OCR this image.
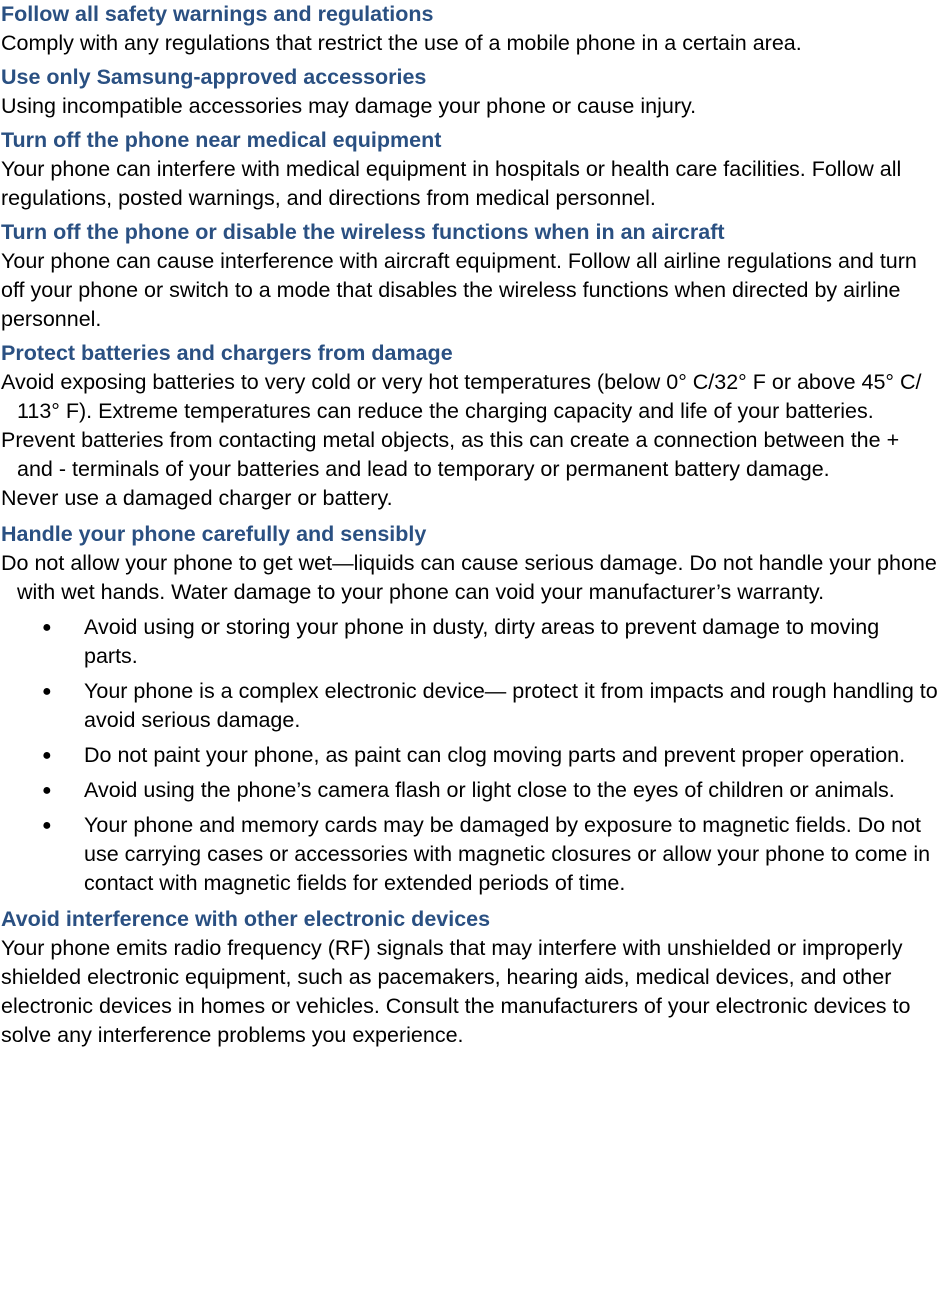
Follow all safety warnings and regulations

Comply with any regulations that restrict the use of a mobile phone in a certain area.

Use only Samsung-approved accessories

Using incompatible accessories may damage your phone or cause injury.

Turn off the phone near medical equipment

Your phone can interfere with medical equipment in hospitals or health care facilities. Follow all regulations, posted warnings, and directions from medical personnel.

Turn off the phone or disable the wireless functions when in an aircraft

Your phone can cause interference with aircraft equipment. Follow all airline regulations and turn off your phone or switch to a mode that disables the wireless functions when directed by airline personnel.

Protect batteries and chargers from damage

Avoid exposing batteries to very cold or very hot temperatures (below 0° C/32° F or above 45° C/ 113° F). Extreme temperatures can reduce the charging capacity and life of your batteries.

Prevent batteries from contacting metal objects, as this can create a connection between the + and - terminals of your batteries and lead to temporary or permanent battery damage.

Never use a damaged charger or battery.

Handle your phone carefully and sensibly

Do not allow your phone to get wet—liquids can cause serious damage. Do not handle your phone with wet hands. Water damage to your phone can void your manufacturer’s warranty.

● Avoid using or storing your phone in dusty, dirty areas to prevent damage to moving parts.
● Your phone is a complex electronic device— protect it from impacts and rough handling to avoid serious damage.
● Do not paint your phone, as paint can clog moving parts and prevent proper operation.
● Avoid using the phone’s camera flash or light close to the eyes of children or animals.
● Your phone and memory cards may be damaged by exposure to magnetic fields. Do not use carrying cases or accessories with magnetic closures or allow your phone to come in contact with magnetic fields for extended periods of time.
Avoid interference with other electronic devices

Your phone emits radio frequency (RF) signals that may interfere with unshielded or improperly shielded electronic equipment, such as pacemakers, hearing aids, medical devices, and other electronic devices in homes or vehicles. Consult the manufacturers of your electronic devices to solve any interference problems you experience.
